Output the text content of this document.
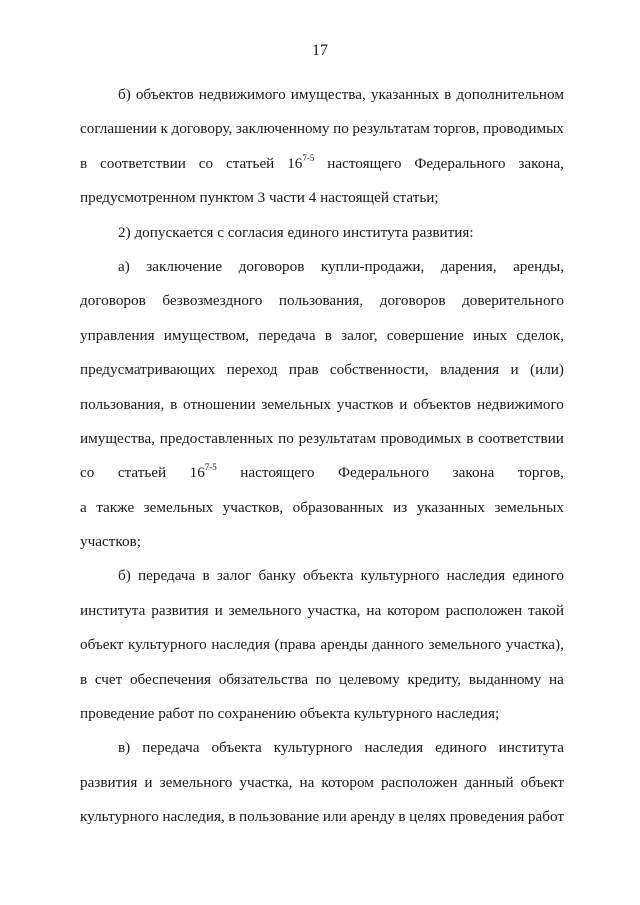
17
б) объектов недвижимого имущества, указанных в дополнительном
соглашении к договору, заключенному по результатам торгов, проводимых
в соответствии со статьей 16$^{7-5}$ настоящего Федерального закона,
предусмотренном пунктом 3 части 4 настоящей статьи;
2) допускается с согласия единого института развития:
а) заключение договоров купли-продажи, дарения, аренды,
договоров безвозмездного пользования, договоров доверительного
управления имуществом, передача в залог, совершение иных сделок,
предусматривающих переход прав собственности, владения и (или)
пользования, в отношении земельных участков и объектов недвижимого
имущества, предоставленных по результатам проводимых в соответствии
со статьей 16$^{7-5}$ настоящего Федерального закона торгов,
а также земельных участков, образованных из указанных земельных
участков;
б) передача в залог банку объекта культурного наследия единого
института развития и земельного участка, на котором расположен такой
объект культурного наследия (права аренды данного земельного участка),
в счет обеспечения обязательства по целевому кредиту, выданному на
проведение работ по сохранению объекта культурного наследия;
в) передача объекта культурного наследия единого института
развития и земельного участка, на котором расположен данный объект
культурного наследия, в пользование или аренду в целях проведения работ
